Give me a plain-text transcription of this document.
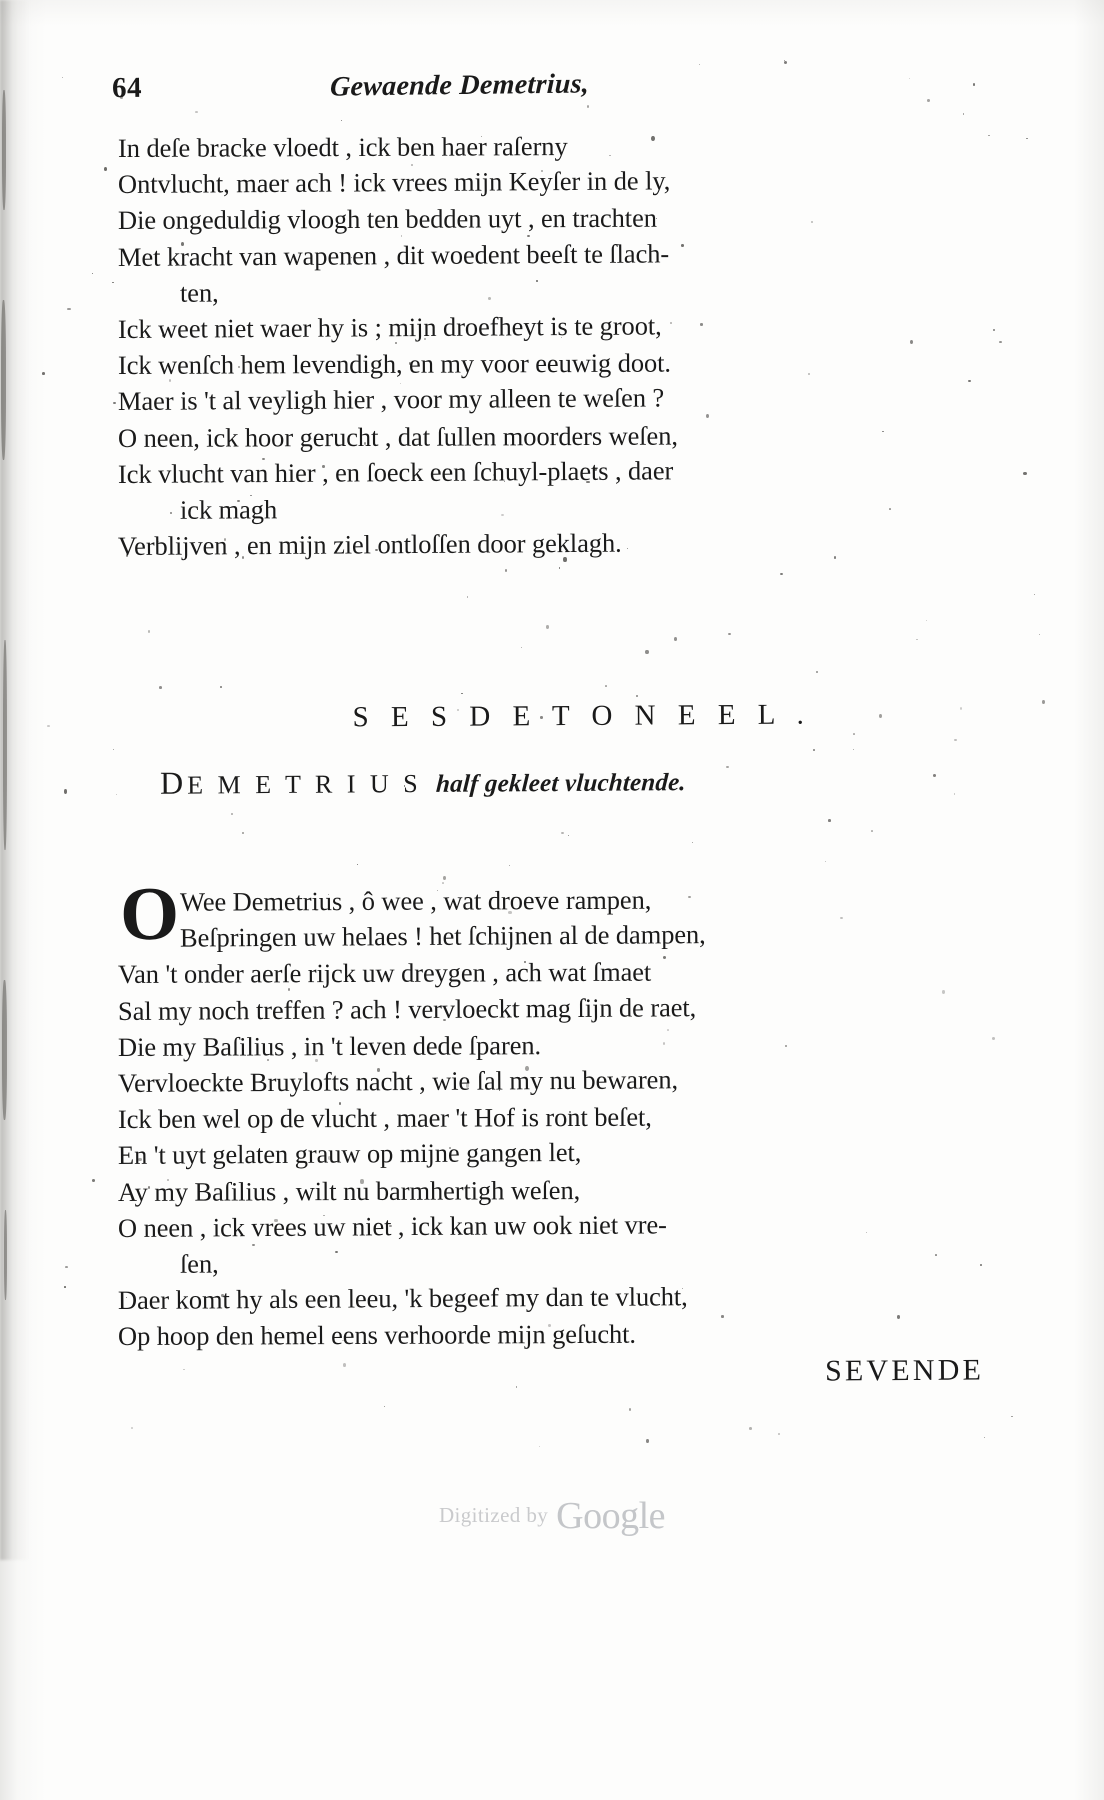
64	Gewaende Demetrius,
In deſe bracke vloedt , ick ben haer raſerny
Ontvlucht, maer ach ! ick vrees mijn Keyſer in de ly,
Die ongeduldig vloogh ten bedden uyt , en trachten
Met kracht van wapenen , dit woedent beeſt te ſlach-
ten,
Ick weet niet waer hy is ; mijn droefheyt is te groot,
Ick wenſch hem levendigh, en my voor eeuwig doot.
Maer is 't al veyligh hier , voor my alleen te weſen ?
O neen, ick hoor gerucht , dat ſullen moorders weſen,
Ick vlucht van hier , en ſoeck een ſchuyl-plaets , daer
ick magh
Verblijven , en mijn ziel ontloſſen door geklagh.
S E S D E T O N E E L .
DE M E T R I U S half gekleet vluchtende.
O Wee Demetrius , ô wee , wat droeve rampen,
Beſpringen uw helaes ! het ſchijnen al de dampen,
Van 't onder aerſe rijck uw dreygen , ach wat ſmaet
Sal my noch treffen ? ach ! vervloeckt mag ſijn de raet,
Die my Baſilius , in 't leven dede ſparen.
Vervloeckte Bruylofts nacht , wie ſal my nu bewaren,
Ick ben wel op de vlucht , maer 't Hof is ront beſet,
En 't uyt gelaten grauw op mijne gangen let,
Ay my Baſilius , wilt nu barmhertigh weſen,
O neen , ick vrees uw niet , ick kan uw ook niet vre-
ſen,
Daer komt hy als een leeu, 'k begeef my dan te vlucht,
Op hoop den hemel eens verhoorde mijn geſucht.
SEVENDE
Digitized by Google
